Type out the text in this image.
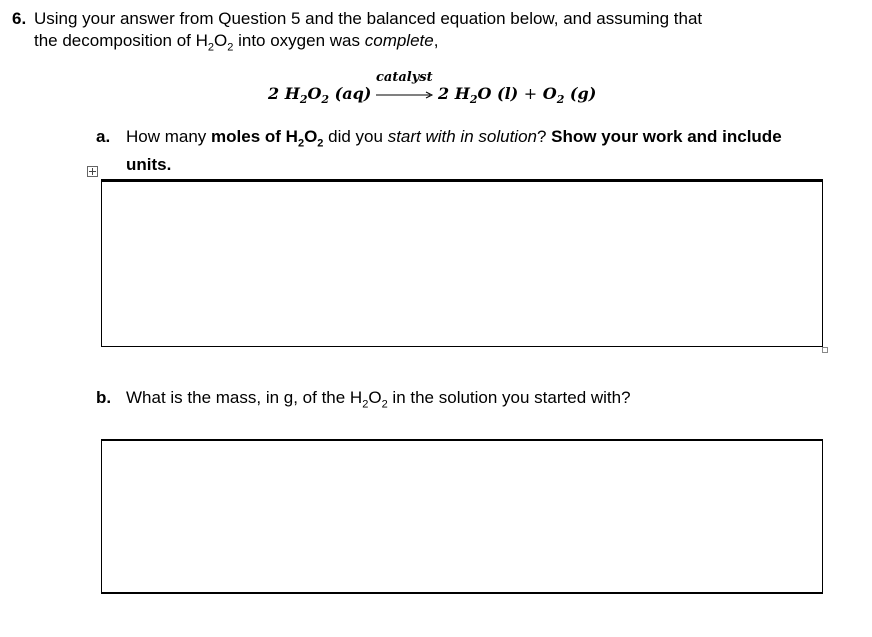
6. Using your answer from Question 5 and the balanced equation below, and assuming that
the decomposition of $H_2O_2$ into oxygen was complete,
2 $H_2O_2$ (aq)
catalyst
2 $H_2O$ $(l) + O_2$ (g)
a. How many moles of $H_2O_2$ did you start with in solution? Show your work and include units.
b. What is the mass, in g, of the $H_2O_2$ in the solution you started with?
